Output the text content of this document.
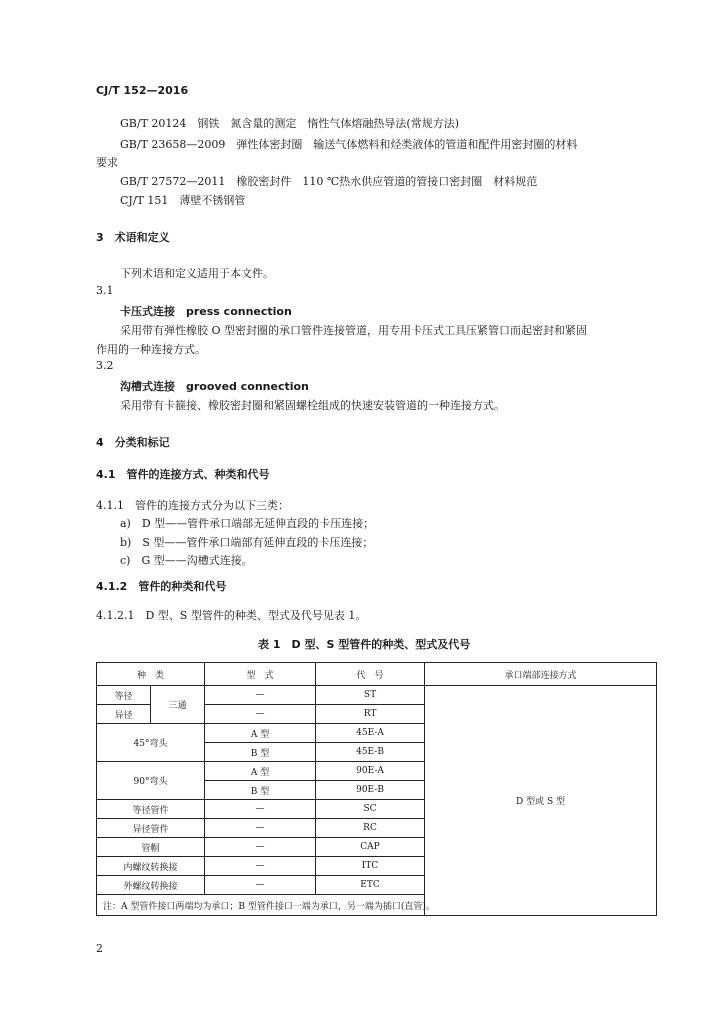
CJ/T 152—2016
GB/T 20124　钢铁　氮含量的测定　惰性气体熔融热导法(常规方法)
GB/T 23658—2009　弹性体密封圈　输送气体燃料和烃类液体的管道和配件用密封圈的材料
要求
GB/T 27572—2011　橡胶密封件　110 ℃热水供应管道的管接口密封圈　材料规范
CJ/T 151　薄壁不锈钢管
3　术语和定义
下列术语和定义适用于本文件。
3.1
卡压式连接　press connection
采用带有弹性橡胶 O 型密封圈的承口管件连接管道，用专用卡压式工具压紧管口而起密封和紧固
作用的一种连接方式。
3.2
沟槽式连接　grooved connection
采用带有卡箍接、橡胶密封圈和紧固螺栓组成的快速安装管道的一种连接方式。
4　分类和标记
4.1　管件的连接方式、种类和代号
4.1.1　管件的连接方式分为以下三类：
a)　D 型——管件承口端部无延伸直段的卡压连接；
b)　S 型——管件承口端部有延伸直段的卡压连接；
c)　G 型——沟槽式连接。
4.1.2　管件的种类和代号
4.1.2.1　D 型、S 型管件的种类、型式及代号见表 1。
表 1　D 型、S 型管件的种类、型式及代号
种　类		型　式	代　号	承口端部连接方式
等径	三通	—	ST	D 型或 S 型
异径		—	RT	
45°弯头		A 型	45E-A	
		B 型	45E-B	
90°弯头		A 型	90E-A	
		B 型	90E-B	
等径管件		—	SC	
异径管件		—	RC	
管帽		—	CAP	
内螺纹转换接		—	ITC	
外螺纹转换接		—	ETC	
注：A 型管件接口两端均为承口；B 型管件接口一端为承口，另一端为插口(直管)。				
2
